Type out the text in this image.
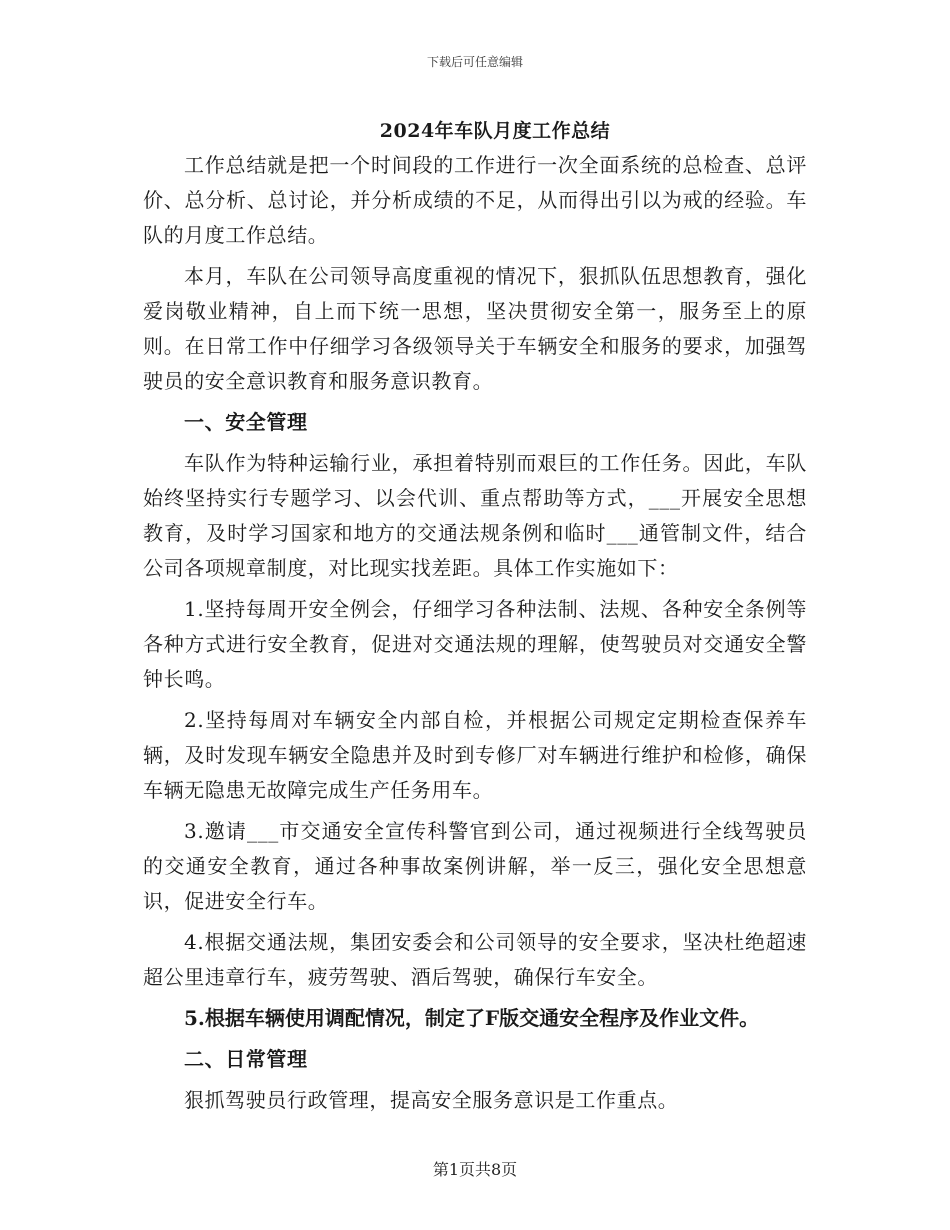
下载后可任意编辑
2024年车队月度工作总结

工作总结就是把一个时间段的工作进行一次全面系统的总检查、总评价、总分析、总讨论，并分析成绩的不足，从而得出引以为戒的经验。车队的月度工作总结。

本月，车队在公司领导高度重视的情况下，狠抓队伍思想教育，强化爱岗敬业精神，自上而下统一思想，坚决贯彻安全第一，服务至上的原则。在日常工作中仔细学习各级领导关于车辆安全和服务的要求，加强驾驶员的安全意识教育和服务意识教育。

一、安全管理

车队作为特种运输行业，承担着特别而艰巨的工作任务。因此，车队始终坚持实行专题学习、以会代训、重点帮助等方式，___开展安全思想教育，及时学习国家和地方的交通法规条例和临时___通管制文件，结合公司各项规章制度，对比现实找差距。具体工作实施如下：

1.坚持每周开安全例会，仔细学习各种法制、法规、各种安全条例等各种方式进行安全教育，促进对交通法规的理解，使驾驶员对交通安全警钟长鸣。

2.坚持每周对车辆安全内部自检，并根据公司规定定期检查保养车辆，及时发现车辆安全隐患并及时到专修厂对车辆进行维护和检修，确保车辆无隐患无故障完成生产任务用车。

3.邀请___市交通安全宣传科警官到公司，通过视频进行全线驾驶员的交通安全教育，通过各种事故案例讲解，举一反三，强化安全思想意识，促进安全行车。

4.根据交通法规，集团安委会和公司领导的安全要求，坚决杜绝超速超公里违章行车，疲劳驾驶、酒后驾驶，确保行车安全。

5.根据车辆使用调配情况，制定了F版交通安全程序及作业文件。

二、日常管理

狠抓驾驶员行政管理，提高安全服务意识是工作重点。

第1页共8页
